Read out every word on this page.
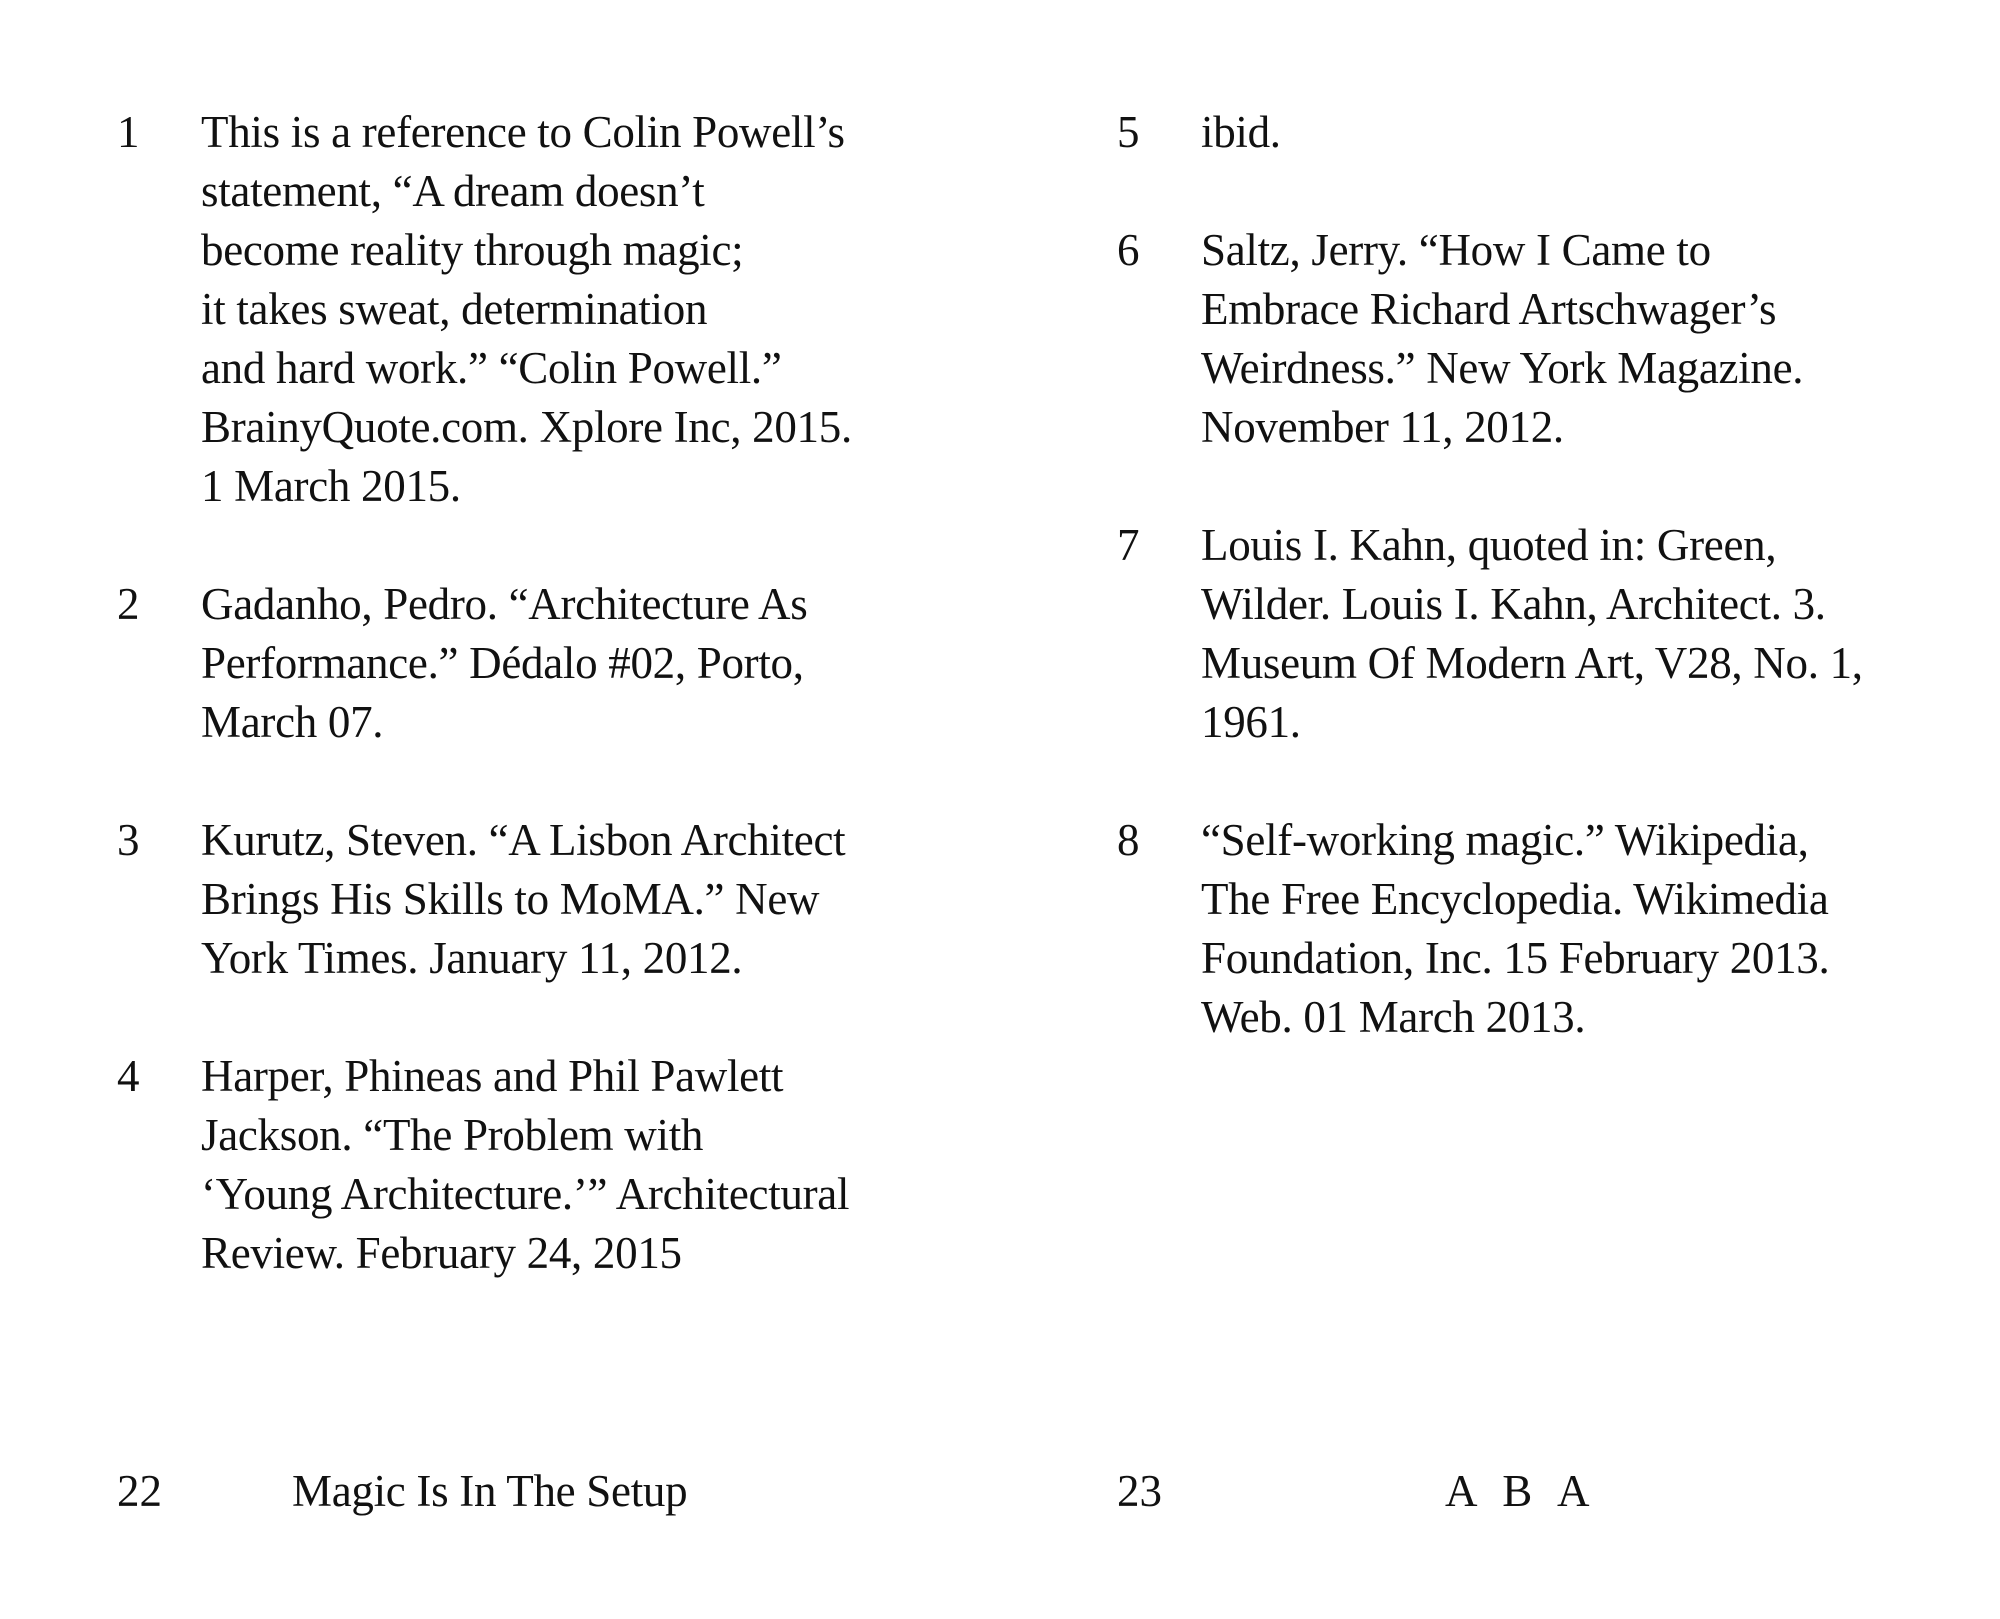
1	This is a reference to Colin Powell’s
statement, “A dream doesn’t
become reality through magic;
it takes sweat, determination
and hard work.” “Colin Powell.”
BrainyQuote.com. Xplore Inc, 2015.
1 March 2015.
2	Gadanho, Pedro. “Architecture As
Performance.” Dédalo #02, Porto,
March 07.
3	Kurutz, Steven. “A Lisbon Architect
Brings His Skills to MoMA.” New
York Times. January 11, 2012.
4	Harper, Phineas and Phil Pawlett
Jackson. “The Problem with
‘Young Architecture.’” Architectural
Review. February 24, 2015
22	Magic Is In The Setup
5	ibid.
6	Saltz, Jerry. “How I Came to
Embrace Richard Artschwager’s
Weirdness.” New York Magazine.
November 11, 2012.
7	Louis I. Kahn, quoted in: Green,
Wilder. Louis I. Kahn, Architect. 3.
Museum Of Modern Art, V28, No. 1,
1961.
8	“Self-working magic.” Wikipedia,
The Free Encyclopedia. Wikimedia
Foundation, Inc. 15 February 2013.
Web. 01 March 2013.
23	A B A
